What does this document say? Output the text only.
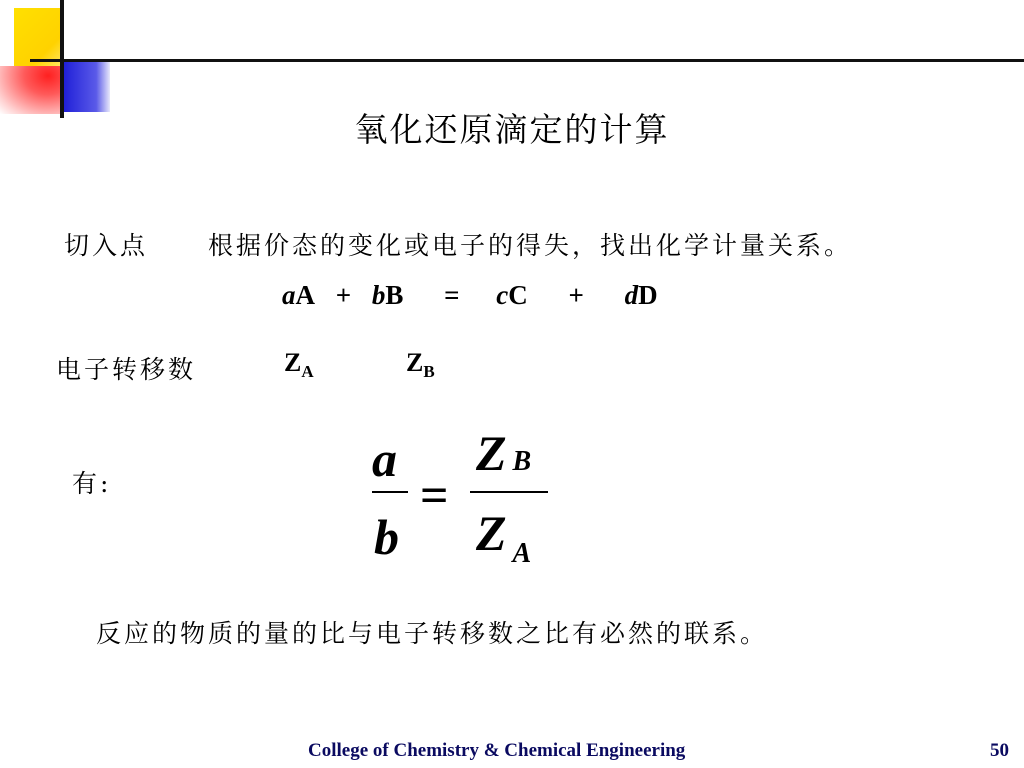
氧化还原滴定的计算
切入点 根据价态的变化或电子的得失，找出化学计量关系。
aA + bB = cC + dD
电子转移数	$Z_A$	$Z_B$
有:	a
b
=
Z B
Z A
反应的物质的量的比与电子转移数之比有必然的联系。
College of Chemistry & Chemical Engineering	50
